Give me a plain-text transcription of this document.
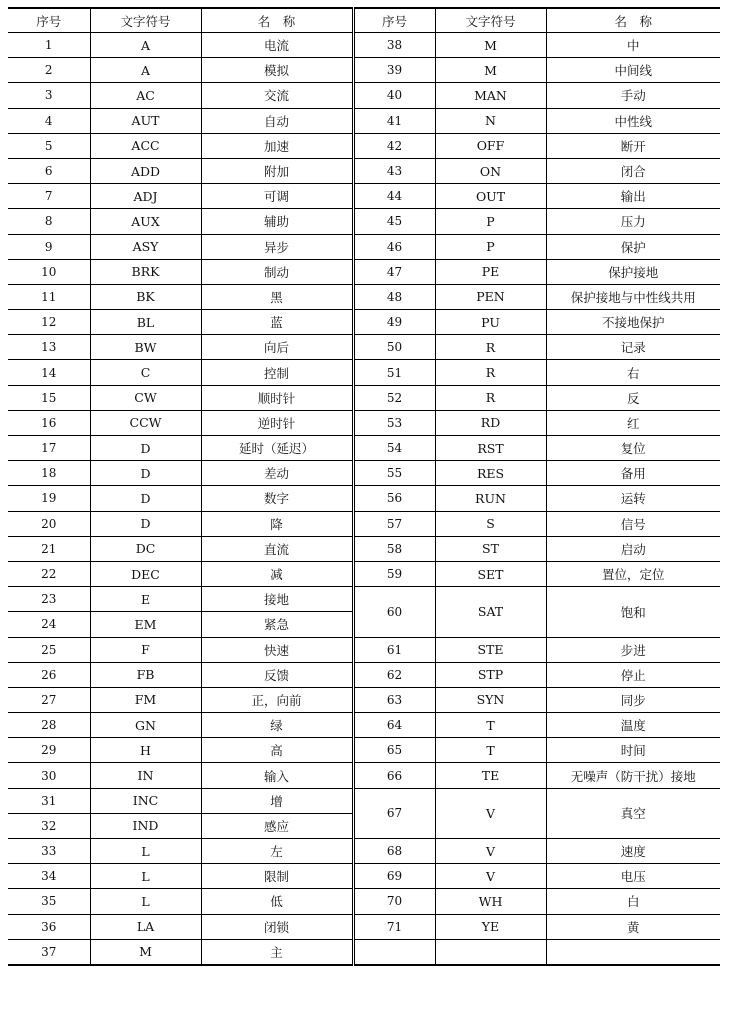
序号	文字符号	名　称	序号	文字符号	名　称
1	A	电流	38	M	中
2	A	模拟	39	M	中间线
3	AC	交流	40	MAN	手动
4	AUT	自动	41	N	中性线
5	ACC	加速	42	OFF	断开
6	ADD	附加	43	ON	闭合
7	ADJ	可调	44	OUT	输出
8	AUX	辅助	45	P	压力
9	ASY	异步	46	P	保护
10	BRK	制动	47	PE	保护接地
11	BK	黑	48	PEN	保护接地与中性线共用
12	BL	蓝	49	PU	不接地保护
13	BW	向后	50	R	记录
14	C	控制	51	R	右
15	CW	顺时针	52	R	反
16	CCW	逆时针	53	RD	红
17	D	延时（延迟）	54	RST	复位
18	D	差动	55	RES	备用
19	D	数字	56	RUN	运转
20	D	降	57	S	信号
21	DC	直流	58	ST	启动
22	DEC	减	59	SET	置位，定位
23	E	接地	60	SAT	饱和
24	EM	紧急			
25	F	快速	61	STE	步进
26	FB	反馈	62	STP	停止
27	FM	正，向前	63	SYN	同步
28	GN	绿	64	T	温度
29	H	高	65	T	时间
30	IN	输入	66	TE	无噪声（防干扰）接地
31	INC	增	67	V	真空
32	IND	感应			
33	L	左	68	V	速度
34	L	限制	69	V	电压
35	L	低	70	WH	白
36	LA	闭锁	71	YE	黄
37	M	主			
